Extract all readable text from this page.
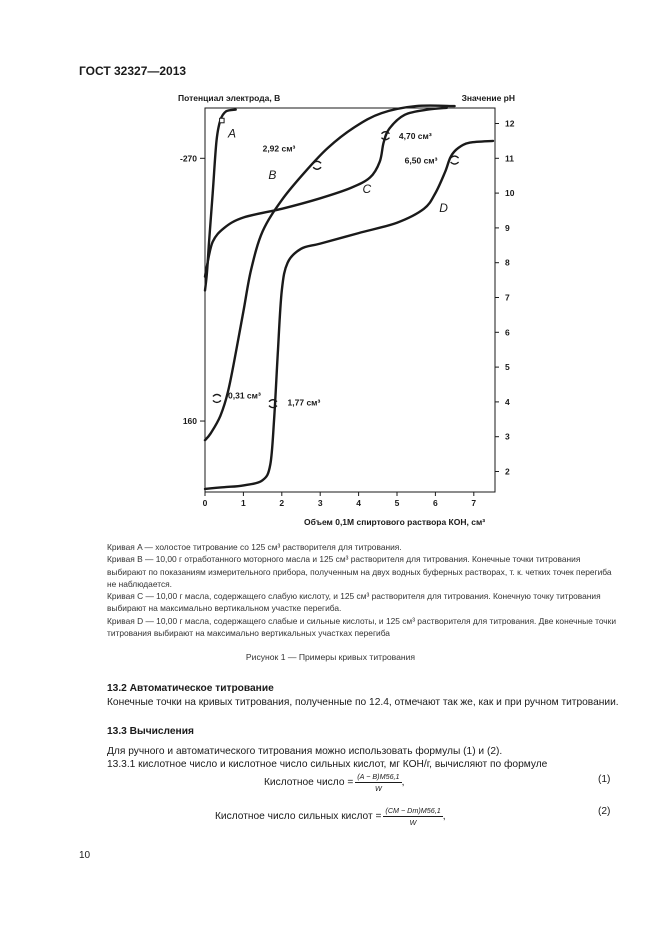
ГОСТ 32327—2013
Потенциал электрода, В	Значение pH
0	1	2	3	4	5	6	7
2
3
4
5
6
7
8
9
10
11
12
-270
160
A
B
C
D
2,92 см³
4,70 см³
6,50 см³
0,31 см³
1,77 см³
Объем 0,1М спиртового раствора КОН, см³

Кривая A — холостое титрование со 125 см³ растворителя для титрования.

Кривая B — 10,00 г отработанного моторного масла и 125 см³ растворителя для титрования. Конечные точки титрования выбирают по показаниям измерительного прибора, полученным на двух водных буферных растворах, т. к. четких точек перегиба не наблюдается.

Кривая C — 10,00 г масла, содержащего слабую кислоту, и 125 см³ растворителя для титрования. Конечную точку титрования выбирают на максимально вертикальном участке перегиба.

Кривая D — 10,00 г масла, содержащего слабые и сильные кислоты, и 125 см³ растворителя для титрования. Две конечные точки титрования выбирают на максимально вертикальных участках перегиба

Рисунок 1 — Примеры кривых титрования
13.2 Автоматическое титрование
Конечные точки на кривых титрования, полученные по 12.4, отмечают так же, как и при ручном титровании.
13.3 Вычисления
Для ручного и автоматического титрования можно использовать формулы (1) и (2).
13.3.1 кислотное число и кислотное число сильных кислот, мг КОН/г, вычисляют по формуле
Кислотное число = $\frac{(A - B)M56,1}{W}$ ,	(1)
Кислотное число сильных кислот = $\frac{(CM - Dm)M56,1}{W}$ ,	(2)
10
